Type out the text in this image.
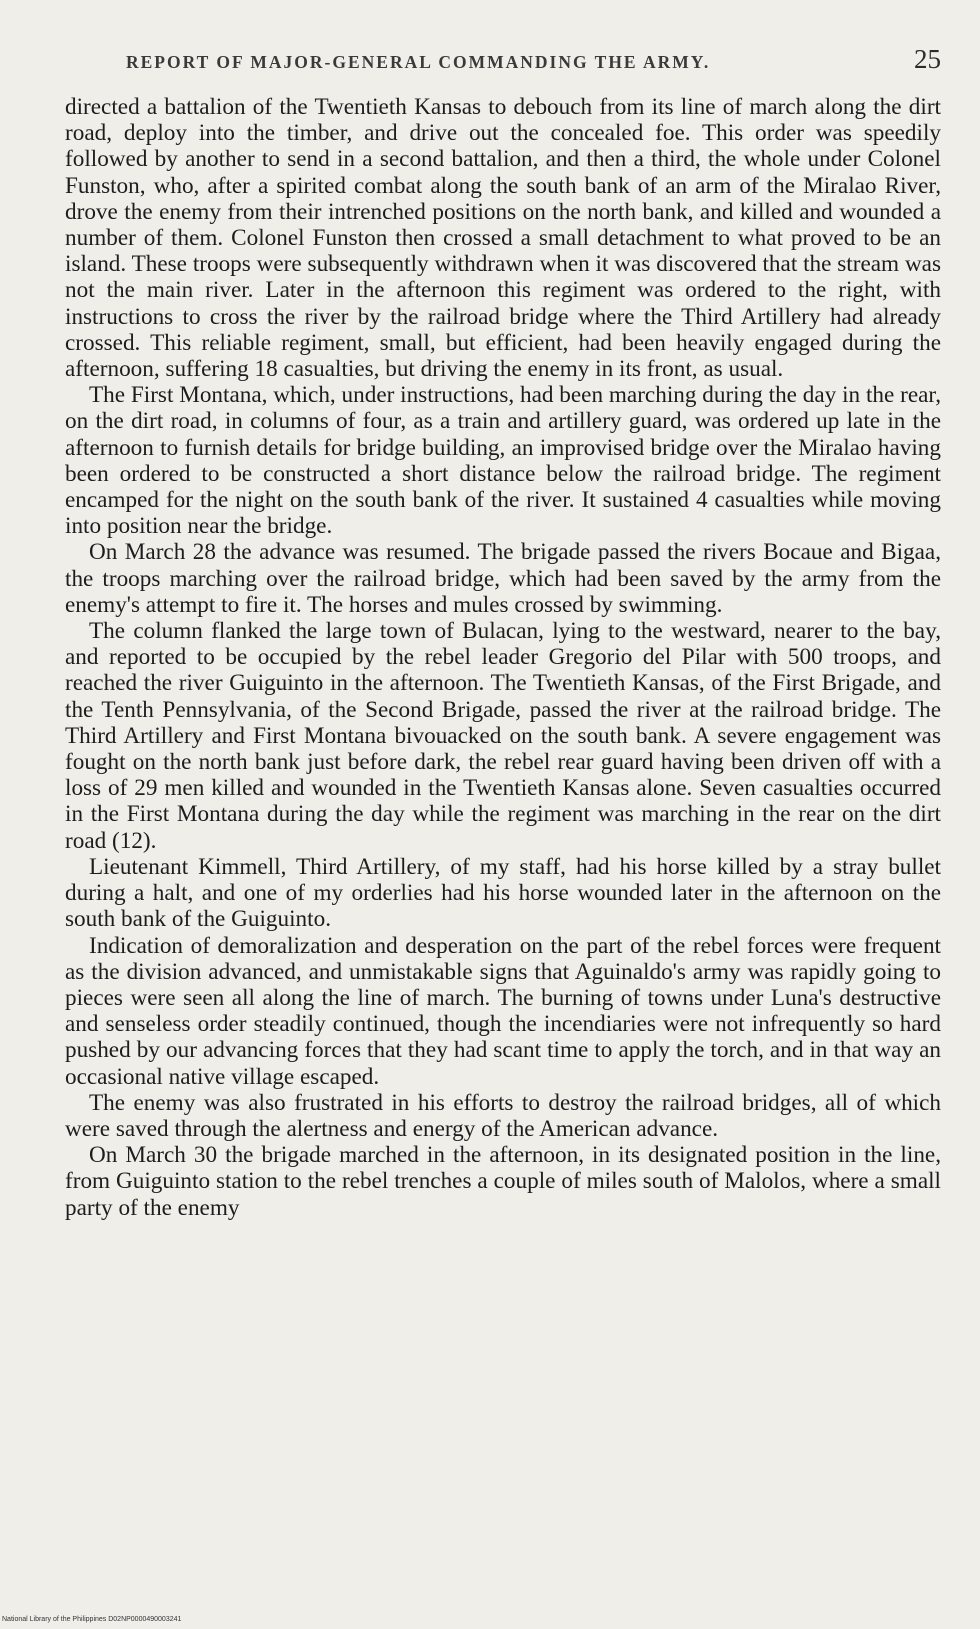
REPORT OF MAJOR-GENERAL COMMANDING THE ARMY.	25

directed a battalion of the Twentieth Kansas to debouch from its line of march along the dirt road, deploy into the timber, and drive out the concealed foe. This order was speedily followed by another to send in a second battalion, and then a third, the whole under Colonel Funston, who, after a spirited combat along the south bank of an arm of the Miralao River, drove the enemy from their intrenched positions on the north bank, and killed and wounded a number of them. Colonel Funston then crossed a small detachment to what proved to be an island. These troops were subsequently withdrawn when it was discovered that the stream was not the main river. Later in the afternoon this regiment was ordered to the right, with instructions to cross the river by the railroad bridge where the Third Artillery had already crossed. This reliable regiment, small, but efficient, had been heavily engaged during the afternoon, suffering 18 casualties, but driving the enemy in its front, as usual.

The First Montana, which, under instructions, had been marching during the day in the rear, on the dirt road, in columns of four, as a train and artillery guard, was ordered up late in the afternoon to furnish details for bridge building, an improvised bridge over the Miralao having been ordered to be constructed a short distance below the railroad bridge. The regiment encamped for the night on the south bank of the river. It sustained 4 casualties while moving into position near the bridge.

On March 28 the advance was resumed. The brigade passed the rivers Bocaue and Bigaa, the troops marching over the railroad bridge, which had been saved by the army from the enemy's attempt to fire it. The horses and mules crossed by swimming.

The column flanked the large town of Bulacan, lying to the westward, nearer to the bay, and reported to be occupied by the rebel leader Gregorio del Pilar with 500 troops, and reached the river Guiguinto in the afternoon. The Twentieth Kansas, of the First Brigade, and the Tenth Pennsylvania, of the Second Brigade, passed the river at the railroad bridge. The Third Artillery and First Montana bivouacked on the south bank. A severe engagement was fought on the north bank just before dark, the rebel rear guard having been driven off with a loss of 29 men killed and wounded in the Twentieth Kansas alone. Seven casualties occurred in the First Montana during the day while the regiment was marching in the rear on the dirt road (12).

Lieutenant Kimmell, Third Artillery, of my staff, had his horse killed by a stray bullet during a halt, and one of my orderlies had his horse wounded later in the afternoon on the south bank of the Guiguinto.

Indication of demoralization and desperation on the part of the rebel forces were frequent as the division advanced, and unmistakable signs that Aguinaldo's army was rapidly going to pieces were seen all along the line of march. The burning of towns under Luna's destructive and senseless order steadily continued, though the incendiaries were not infrequently so hard pushed by our advancing forces that they had scant time to apply the torch, and in that way an occasional native village escaped.

The enemy was also frustrated in his efforts to destroy the railroad bridges, all of which were saved through the alertness and energy of the American advance.

On March 30 the brigade marched in the afternoon, in its designated position in the line, from Guiguinto station to the rebel trenches a couple of miles south of Malolos, where a small party of the enemy

National Library of the Philippines D02NP0000490003241
